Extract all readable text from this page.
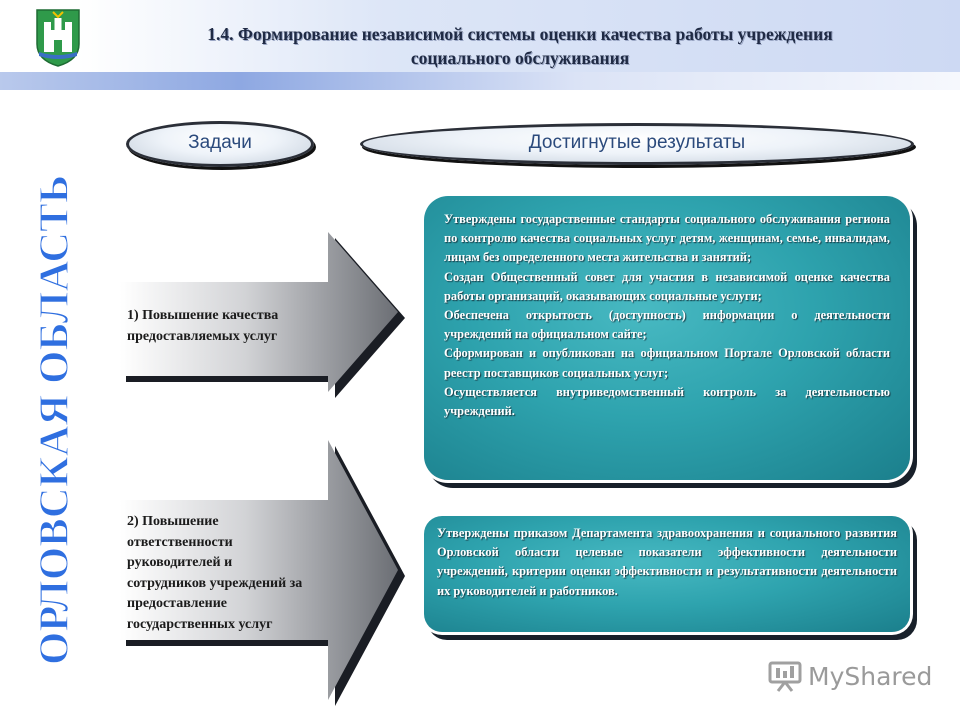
1.4. Формирование независимой системы оценки качества работы учреждения
социального обслуживания
ОРЛОВСКАЯ ОБЛАСТЬ
Задачи	Достигнутые результаты
1) Повышение качества
предоставляемых услуг
2) Повышение
ответственности
руководителей и
сотрудников учреждений за
предоставление
государственных услуг

Утверждены государственные стандарты социального обслуживания региона по контролю качества социальных услуг детям, женщинам, семье, инвалидам, лицам без определенного места жительства и занятий;

Создан Общественный совет для участия в независимой оценке качества работы организаций, оказывающих социальные услуги;

Обеспечена открытость (доступность) информации о деятельности учреждений на официальном сайте;

Сформирован и опубликован на официальном Портале Орловской области реестр поставщиков социальных услуг;

Осуществляется внутриведомственный контроль за деятельностью учреждений.

Утверждены приказом Департамента здравоохранения и социального развития Орловской области целевые показатели эффективности деятельности учреждений, критерии оценки эффективности и результативности деятельности их руководителей и работников.

MyShared
